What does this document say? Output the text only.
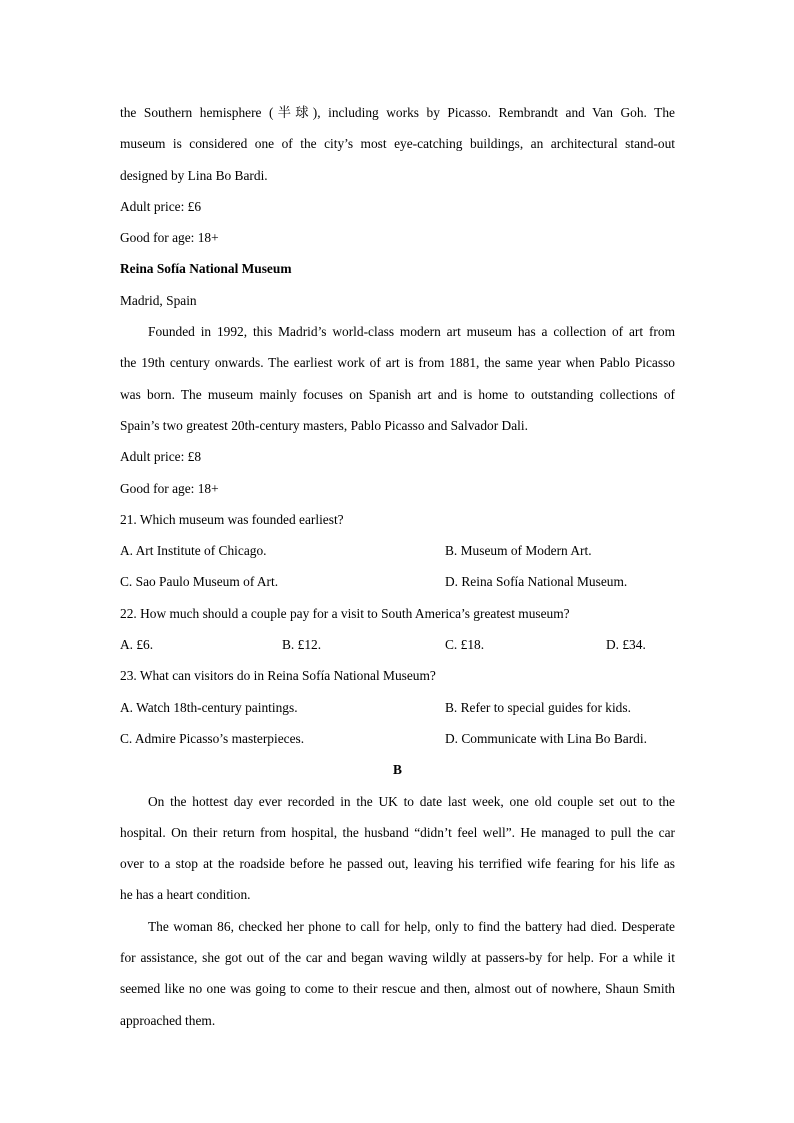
the Southern hemisphere (半球), including works by Picasso. Rembrandt and Van Goh. The
museum is considered one of the city’s most eye-catching buildings, an architectural stand-out
designed by Lina Bo Bardi.
Adult price: £6
Good for age: 18+
Reina Sofía National Museum
Madrid, Spain
Founded in 1992, this Madrid’s world-class modern art museum has a collection of art from
the 19th century onwards. The earliest work of art is from 1881, the same year when Pablo Picasso
was born. The museum mainly focuses on Spanish art and is home to outstanding collections of
Spain’s two greatest 20th-century masters, Pablo Picasso and Salvador Dali.
Adult price: £8
Good for age: 18+
21. Which museum was founded earliest?
A. Art Institute of Chicago.	B. Museum of Modern Art.
C. Sao Paulo Museum of Art.	D. Reina Sofía National Museum.
22. How much should a couple pay for a visit to South America’s greatest museum?
A. £6.	B. £12.	C. £18.	D. £34.
23. What can visitors do in Reina Sofía National Museum?
A. Watch 18th-century paintings.	B. Refer to special guides for kids.
C. Admire Picasso’s masterpieces.	D. Communicate with Lina Bo Bardi.
B
On the hottest day ever recorded in the UK to date last week, one old couple set out to the
hospital. On their return from hospital, the husband “didn’t feel well”. He managed to pull the car
over to a stop at the roadside before he passed out, leaving his terrified wife fearing for his life as
he has a heart condition.
The woman 86, checked her phone to call for help, only to find the battery had died. Desperate
for assistance, she got out of the car and began waving wildly at passers-by for help. For a while it
seemed like no one was going to come to their rescue and then, almost out of nowhere, Shaun Smith
approached them.
